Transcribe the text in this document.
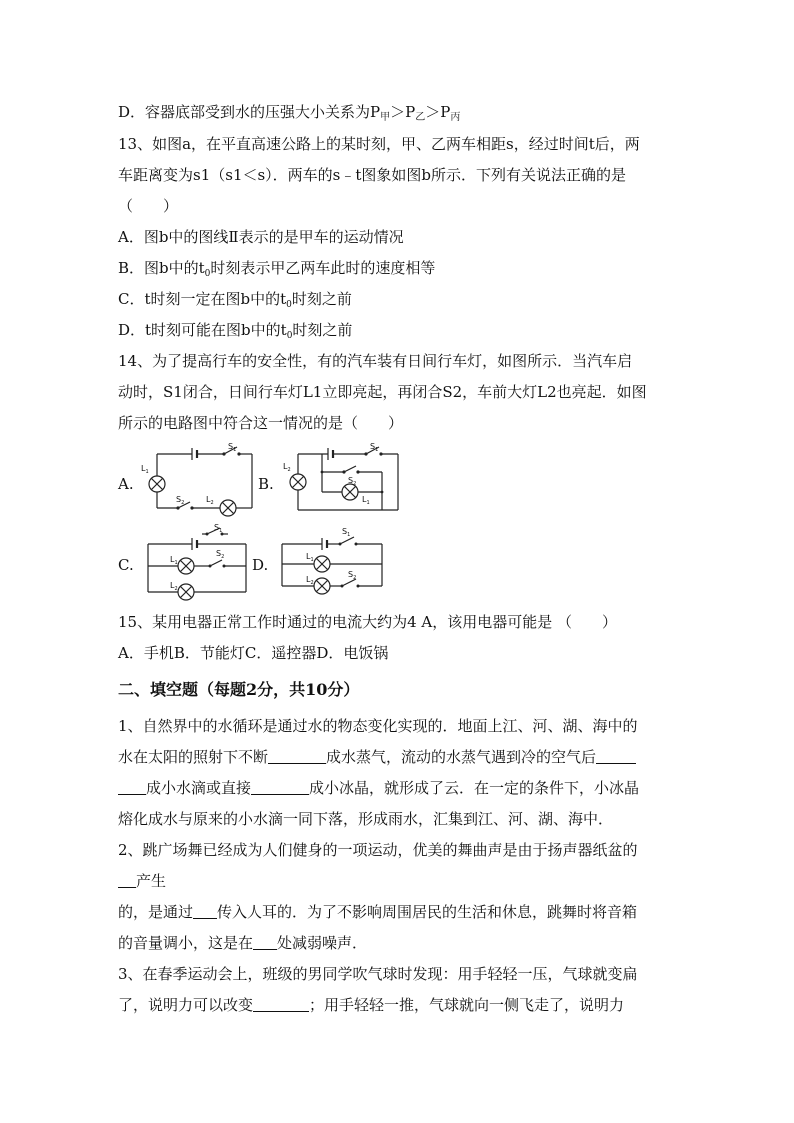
D．容器底部受到水的压强大小关系为$P_甲>P_乙>P_丙$
13、如图a，在平直高速公路上的某时刻，甲、乙两车相距s，经过时间t后，两
车距离变为s1（s1＜s）．两车的s﹣t图象如图b所示．下列有关说法正确的是
（　　）
A．图b中的图线Ⅱ表示的是甲车的运动情况
B．图b中的$t_0$时刻表示甲乙两车此时的速度相等
C．t时刻一定在图b中的$t_0$时刻之前
D．t时刻可能在图b中的$t_0$时刻之前
14、为了提高行车的安全性，有的汽车装有日间行车灯，如图所示．当汽车启
动时，S1闭合，日间行车灯L1立即亮起，再闭合S2，车前大灯L2也亮起．如图
所示的电路图中符合这一情况的是（　　）
A.	B.
C.	D.
$S_1$
$L_1$
$S_2$	$L_2$
$S_1$
$L_2$
$S_2$
$L_1$
$S_1$
$L_1$
$S_2$
$L_2$
$S_1$
$L_1$
$S_2$
$L_2$
15、某用电器正常工作时通过的电流大约为4 A，该用电器可能是 （　　）
A．手机B．节能灯C．遥控器D．电饭锅
二、填空题（每题2分，共10分）
1、自然界中的水循环是通过水的物态变化实现的．地面上江、河、湖、海中的
水在太阳的照射下不断	成水蒸气，流动的水蒸气遇到冷的空气后
成小水滴或直接	成小冰晶，就形成了云．在一定的条件下，小冰晶
熔化成水与原来的小水滴一同下落，形成雨水，汇集到江、河、湖、海中．
2、跳广场舞已经成为人们健身的一项运动，优美的舞曲声是由于扬声器纸盆的
产生
的，是通过 传入人耳的．为了不影响周围居民的生活和休息，跳舞时将音箱
的音量调小，这是在 处减弱噪声．
3、在春季运动会上，班级的男同学吹气球时发现：用手轻轻一压，气球就变扁
了，说明力可以改变	；用手轻轻一推，气球就向一侧飞走了，说明力
